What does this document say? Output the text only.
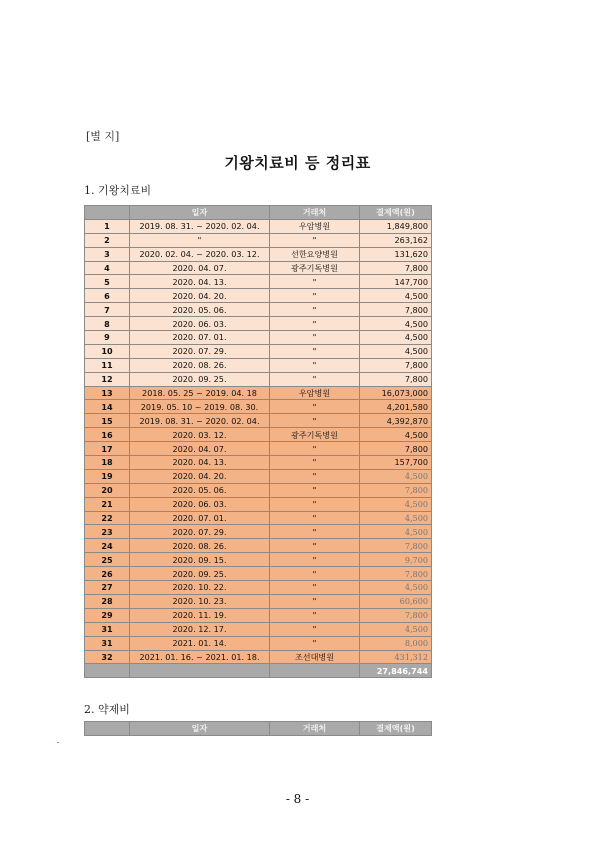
[별 지]
기왕치료비 등 정리표
1. 기왕치료비
	일자	거래처	결제액(원)
1	2019. 08. 31. ~ 2020. 02. 04.	우암병원	1,849,800
2	"	"	263,162
3	2020. 02. 04. ~ 2020. 03. 12.	선한요양병원	131,620
4	2020. 04. 07.	광주기독병원	7,800
5	2020. 04. 13.	"	147,700
6	2020. 04. 20.	"	4,500
7	2020. 05. 06.	"	7,800
8	2020. 06. 03.	"	4,500
9	2020. 07. 01.	"	4,500
10	2020. 07. 29.	"	4,500
11	2020. 08. 26.	"	7,800
12	2020. 09. 25.	"	7,800
13	2018. 05. 25 ~ 2019. 04. 18	우암병원	16,073,000
14	2019. 05. 10 ~ 2019. 08. 30.	"	4,201,580
15	2019. 08. 31. ~ 2020. 02. 04.	"	4,392,870
16	2020. 03. 12.	광주기독병원	4,500
17	2020. 04. 07.	"	7,800
18	2020. 04. 13.	"	157,700
19	2020. 04. 20.	"	4,500
20	2020. 05. 06.	"	7,800
21	2020. 06. 03.	"	4,500
22	2020. 07. 01.	"	4,500
23	2020. 07. 29.	"	4,500
24	2020. 08. 26.	"	7,800
25	2020. 09. 15.	"	9,700
26	2020. 09. 25.	"	7,800
27	2020. 10. 22.	"	4,500
28	2020. 10. 23.	"	60,600
29	2020. 11. 19.	"	7,800
31	2020. 12. 17.	"	4,500
31	2021. 01. 14.	"	8,000
32	2021. 01. 16. ~ 2021. 01. 18.	조선대병원	431,312
			27,846,744
2. 약제비
	일자	거래처	결제액(원)
- 8 -
